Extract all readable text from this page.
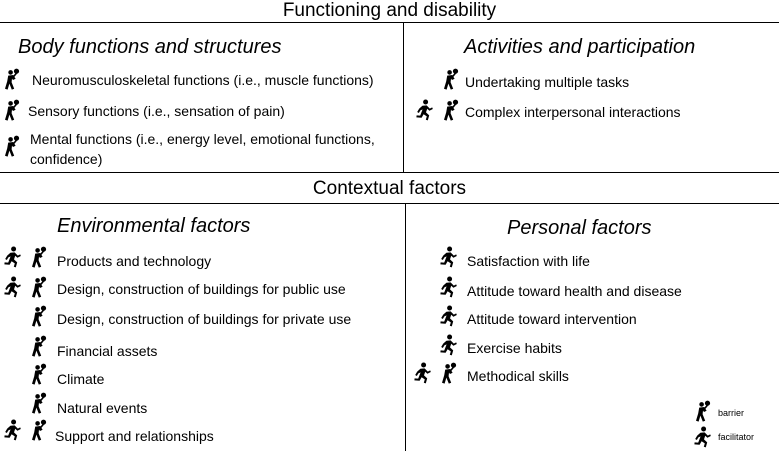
Functioning and disability
Contextual factors
Body functions and structures
Neuromusculoskeletal functions (i.e., muscle functions)
Sensory functions (i.e., sensation of pain)
Mental functions (i.e., energy level, emotional functions, confidence)
Activities and participation
Undertaking multiple tasks
Complex interpersonal interactions
Environmental factors
Products and technology
Design, construction of buildings for public use
Design, construction of buildings for private use
Financial assets
Climate
Natural events
Support and relationships
Personal factors
Satisfaction with life
Attitude toward health and disease
Attitude toward intervention
Exercise habits
Methodical skills
barrier
facilitator
